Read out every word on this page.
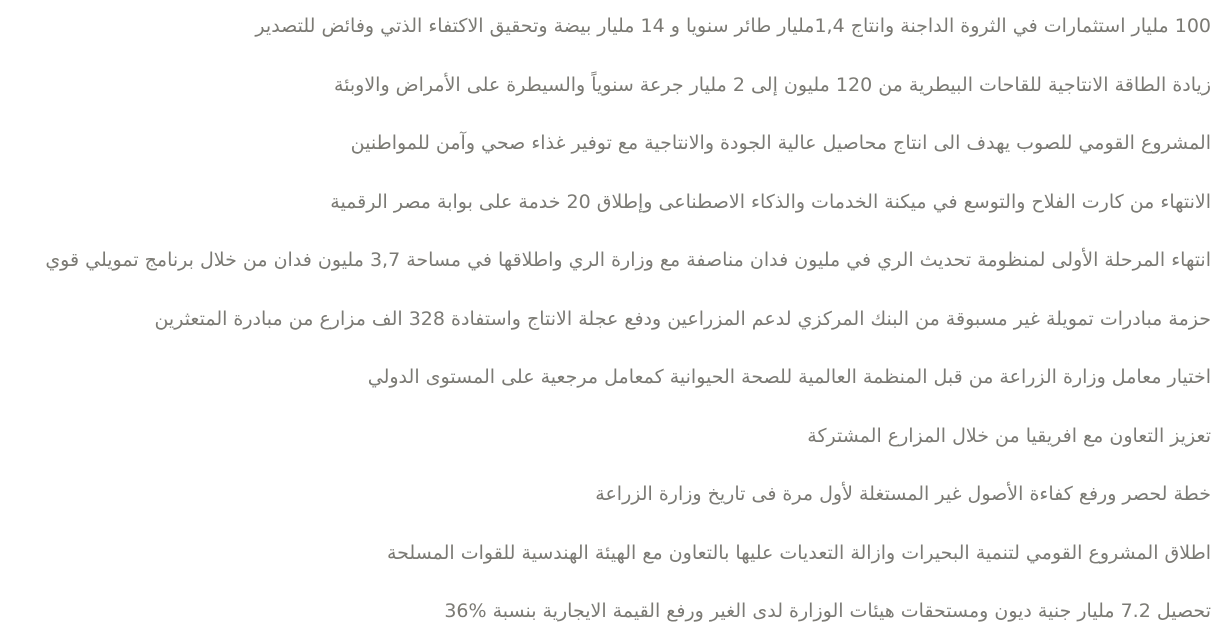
100 مليار استثمارات في الثروة الداجنة وانتاج 1,4مليار طائر سنويا و 14 مليار بيضة وتحقيق الاكتفاء الذتي وفائض للتصدير
زيادة الطاقة الانتاجية للقاحات البيطرية من 120 مليون إلى 2 مليار جرعة سنوياً والسيطرة على الأمراض والاوبئة
المشروع القومي للصوب يهدف الى انتاج محاصيل عالية الجودة والانتاجية مع توفير غذاء صحي وآمن للمواطنين
الانتهاء من كارت الفلاح والتوسع في ميكنة الخدمات والذكاء الاصطناعى وإطلاق 20 خدمة على بوابة مصر الرقمية
انتهاء المرحلة الأولى لمنظومة تحديث الري في مليون فدان مناصفة مع وزارة الري واطلاقها في مساحة 3,7 مليون فدان من خلال برنامج تمويلي قوي
حزمة مبادرات تمويلة غير مسبوقة من البنك المركزي لدعم المزراعين ودفع عجلة الانتاج واستفادة 328 الف مزارع من مبادرة المتعثرين
اختيار معامل وزارة الزراعة من قبل المنظمة العالمية للصحة الحيوانية كمعامل مرجعية على المستوى الدولي
تعزيز التعاون مع افريقيا من خلال المزارع المشتركة
خطة لحصر ورفع كفاءة الأصول غير المستغلة لأول مرة فى تاريخ وزارة الزراعة
اطلاق المشروع القومي لتنمية البحيرات وازالة التعديات عليها بالتعاون مع الهيئة الهندسية للقوات المسلحة
تحصيل 7.2 مليار جنية ديون ومستحقات هيئات الوزارة لدى الغير ورفع القيمة الايجارية بنسبة %36
